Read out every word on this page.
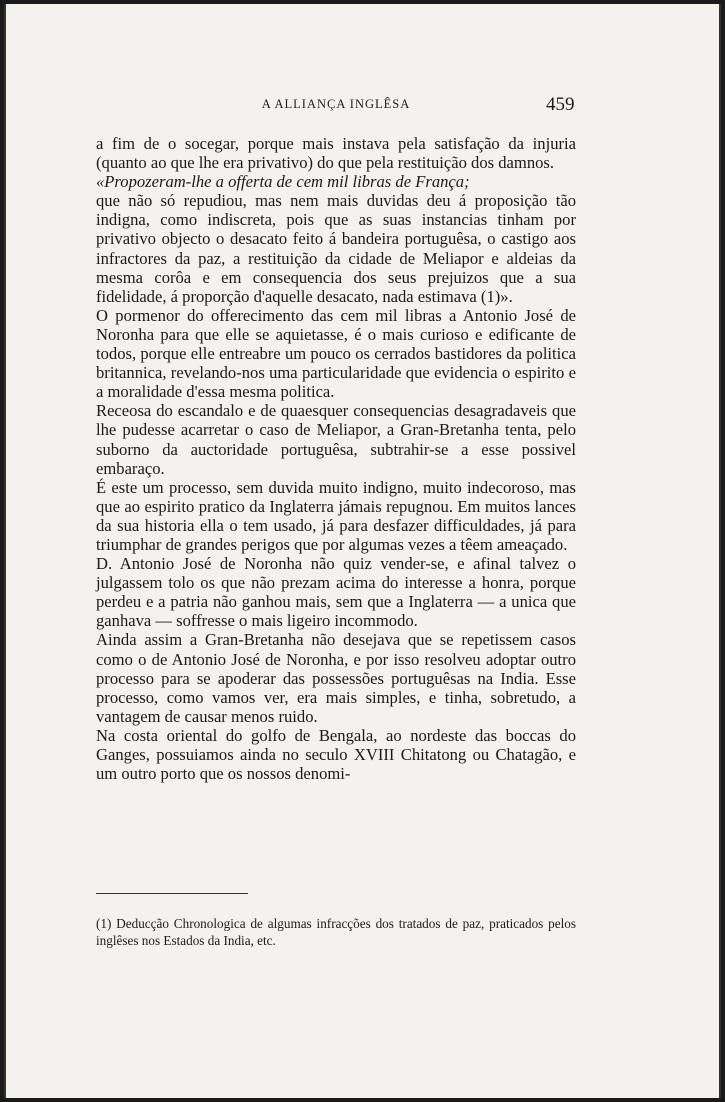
A ALLIANÇA INGLÊSA	459

a fim de o socegar, porque mais instava pela satisfação da injuria (quanto ao que lhe era privativo) do que pela restituição dos damnos.

«Propozeram-lhe a offerta de cem mil libras de França;

que não só repudiou, mas nem mais duvidas deu á proposição tão indigna, como indiscreta, pois que as suas instancias tinham por privativo objecto o desacato feito á bandeira portuguêsa, o castigo aos infractores da paz, a restituição da cidade de Meliapor e aldeias da mesma corôa e em consequencia dos seus prejuizos que a sua fidelidade, á proporção d'aquelle desacato, nada estimava (1)».

O pormenor do offerecimento das cem mil libras a Antonio José de Noronha para que elle se aquietasse, é o mais curioso e edificante de todos, porque elle entreabre um pouco os cerrados bastidores da politica britannica, revelando-nos uma particularidade que evidencia o espirito e a moralidade d'essa mesma politica.

Receosa do escandalo e de quaesquer consequencias desagradaveis que lhe pudesse acarretar o caso de Meliapor, a Gran-Bretanha tenta, pelo suborno da auctoridade portuguêsa, subtrahir-se a esse possivel embaraço.

É este um processo, sem duvida muito indigno, muito indecoroso, mas que ao espirito pratico da Inglaterra jámais repugnou. Em muitos lances da sua historia ella o tem usado, já para desfazer difficuldades, já para triumphar de grandes perigos que por algumas vezes a têem ameaçado.

D. Antonio José de Noronha não quiz vender-se, e afinal talvez o julgassem tolo os que não prezam acima do interesse a honra, porque perdeu e a patria não ganhou mais, sem que a Inglaterra — a unica que ganhava — soffresse o mais ligeiro incommodo.

Ainda assim a Gran-Bretanha não desejava que se repetissem casos como o de Antonio José de Noronha, e por isso resolveu adoptar outro processo para se apoderar das possessões portuguêsas na India. Esse processo, como vamos ver, era mais simples, e tinha, sobretudo, a vantagem de causar menos ruido.

Na costa oriental do golfo de Bengala, ao nordeste das boccas do Ganges, possuiamos ainda no seculo XVIII Chitatong ou Chatagão, e um outro porto que os nossos denomi-

(1) Deducção Chronologica de algumas infracções dos tratados de paz, praticados pelos inglêses nos Estados da India, etc.
